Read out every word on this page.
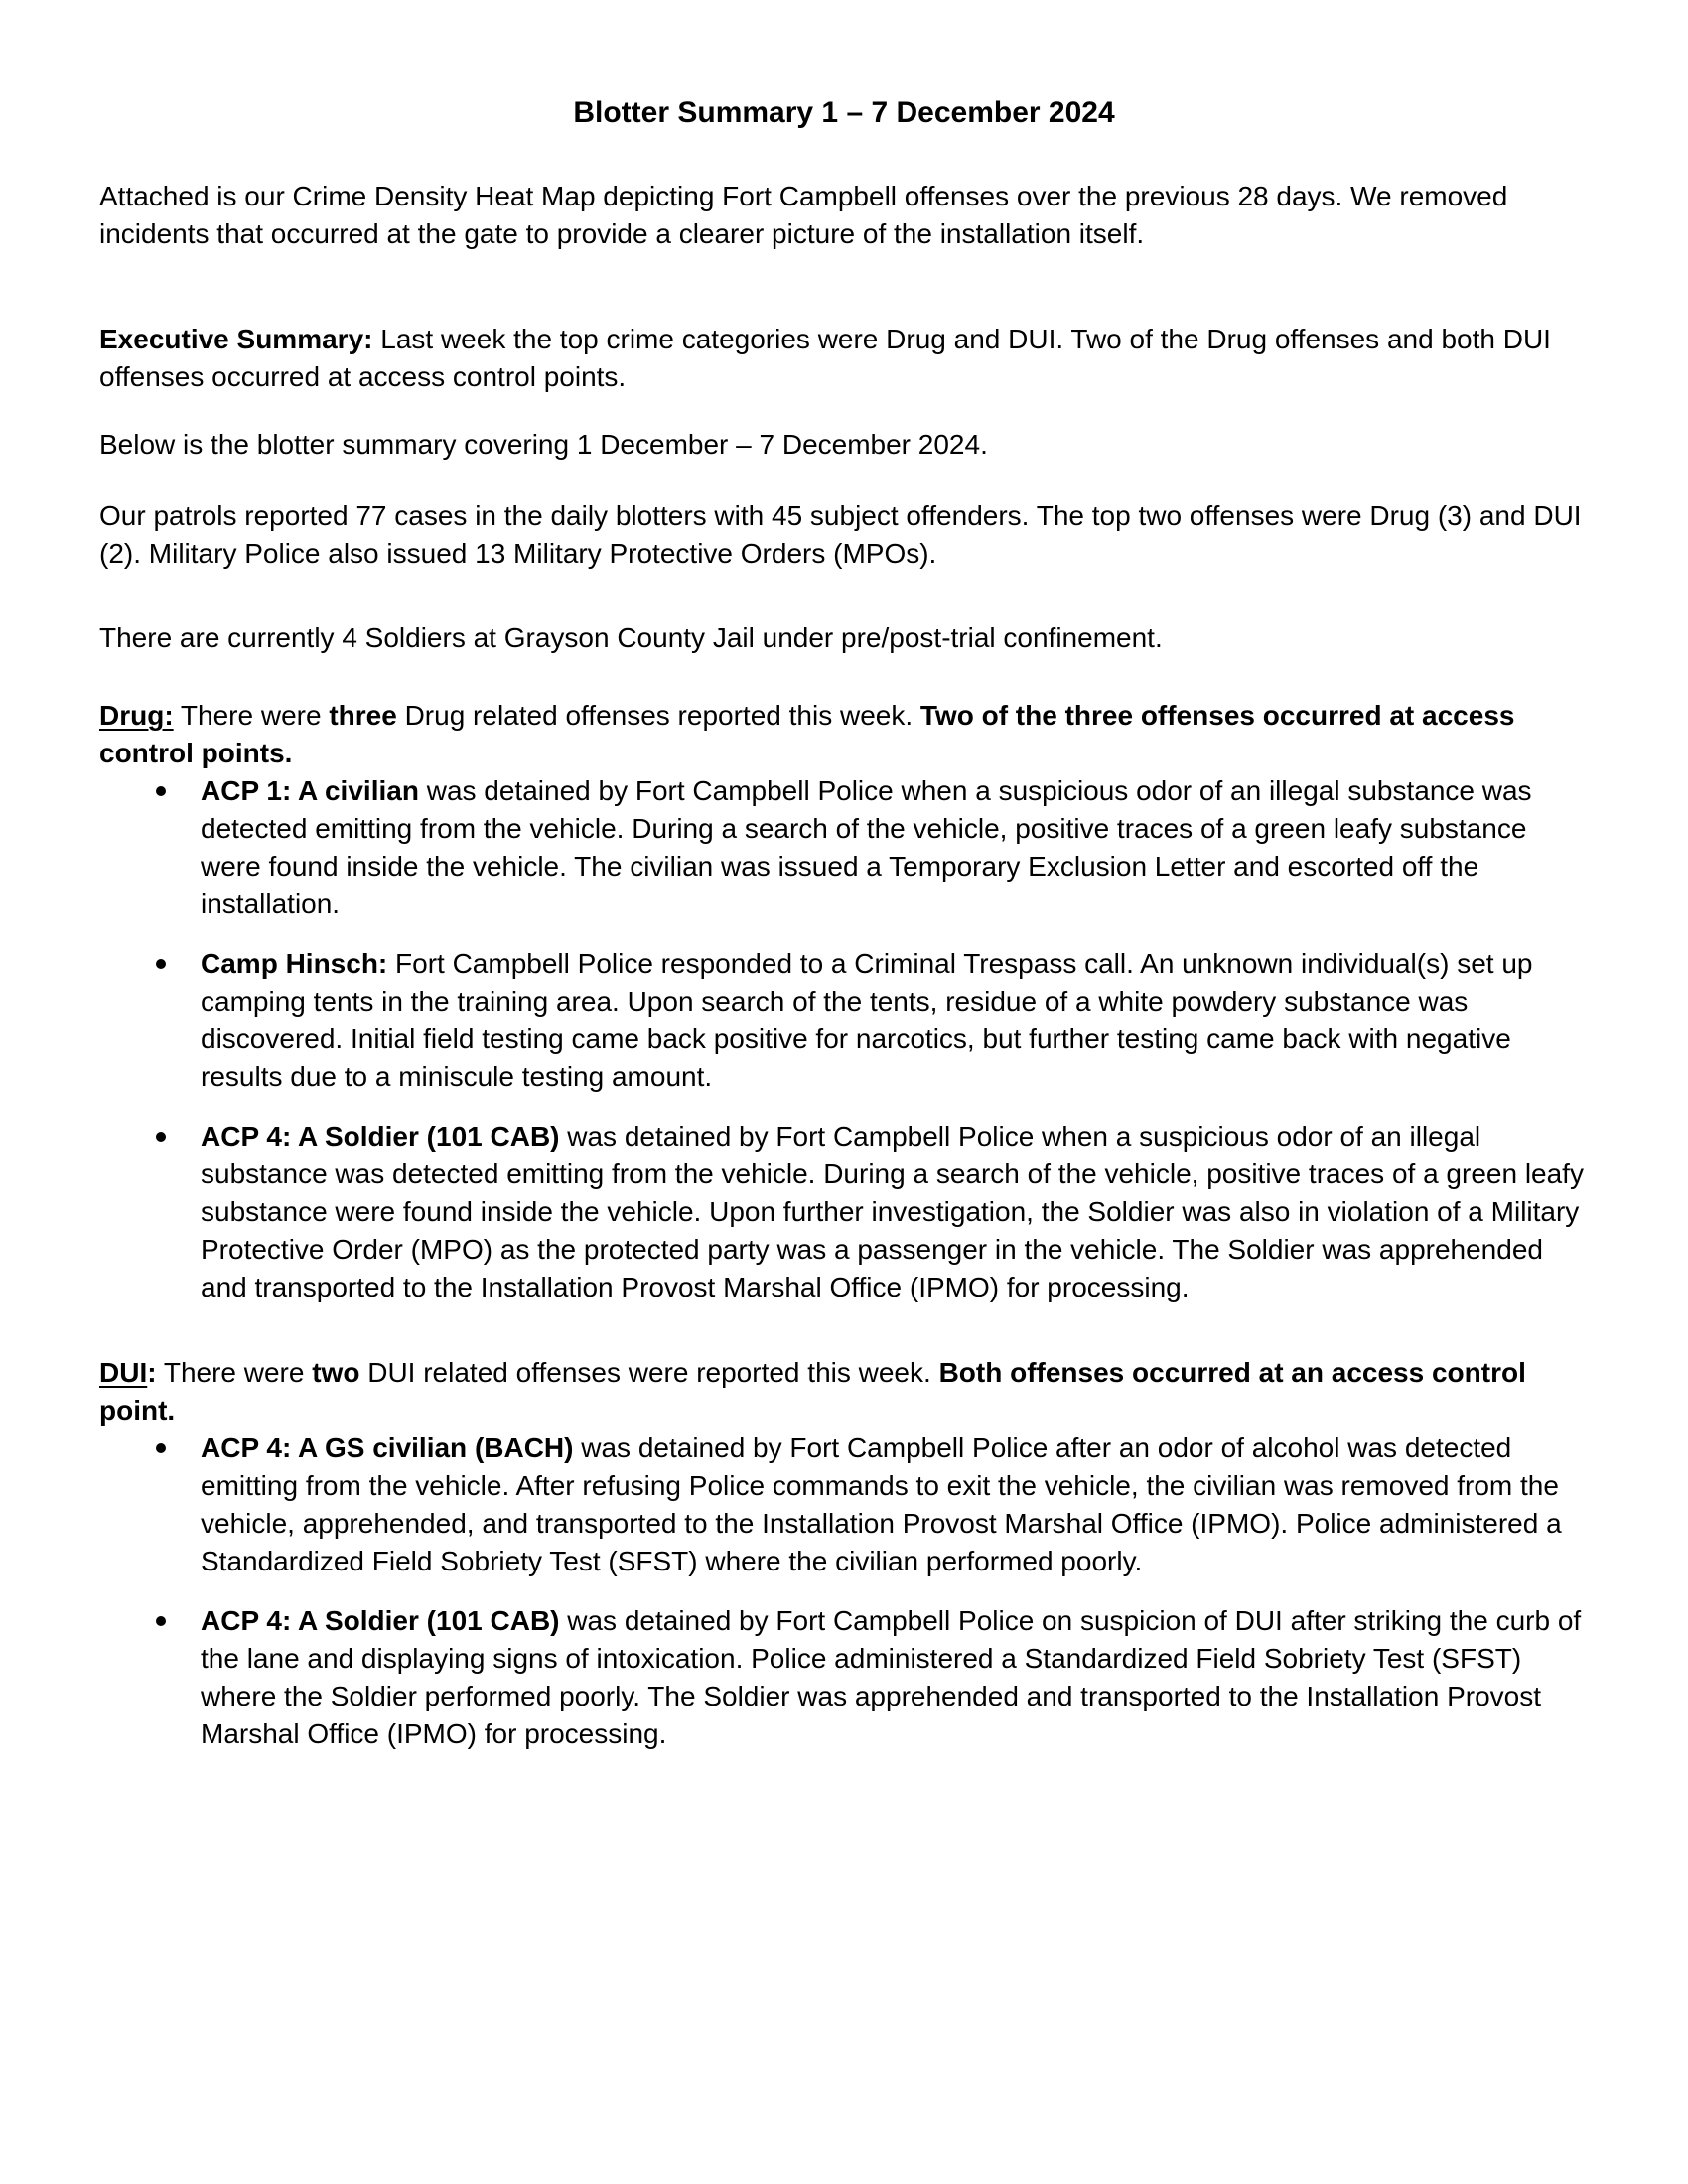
Blotter Summary 1 – 7 December 2024

Attached is our Crime Density Heat Map depicting Fort Campbell offenses over the previous 28 days. We removed incidents that occurred at the gate to provide a clearer picture of the installation itself.

Executive Summary: Last week the top crime categories were Drug and DUI. Two of the Drug offenses and both DUI offenses occurred at access control points.

Below is the blotter summary covering 1 December – 7 December 2024.

Our patrols reported 77 cases in the daily blotters with 45 subject offenders. The top two offenses were Drug (3) and DUI (2). Military Police also issued 13 Military Protective Orders (MPOs).

There are currently 4 Soldiers at Grayson County Jail under pre/post-trial confinement.

Drug: There were three Drug related offenses reported this week. Two of the three offenses occurred at access control points.

ACP 1: A civilian was detained by Fort Campbell Police when a suspicious odor of an illegal substance was detected emitting from the vehicle. During a search of the vehicle, positive traces of a green leafy substance were found inside the vehicle. The civilian was issued a Temporary Exclusion Letter and escorted off the installation.
Camp Hinsch: Fort Campbell Police responded to a Criminal Trespass call. An unknown individual(s) set up camping tents in the training area. Upon search of the tents, residue of a white powdery substance was discovered. Initial field testing came back positive for narcotics, but further testing came back with negative results due to a miniscule testing amount.
ACP 4: A Soldier (101 CAB) was detained by Fort Campbell Police when a suspicious odor of an illegal substance was detected emitting from the vehicle. During a search of the vehicle, positive traces of a green leafy substance were found inside the vehicle. Upon further investigation, the Soldier was also in violation of a Military Protective Order (MPO) as the protected party was a passenger in the vehicle. The Soldier was apprehended and transported to the Installation Provost Marshal Office (IPMO) for processing.

DUI: There were two DUI related offenses were reported this week. Both offenses occurred at an access control point.

ACP 4: A GS civilian (BACH) was detained by Fort Campbell Police after an odor of alcohol was detected emitting from the vehicle. After refusing Police commands to exit the vehicle, the civilian was removed from the vehicle, apprehended, and transported to the Installation Provost Marshal Office (IPMO). Police administered a Standardized Field Sobriety Test (SFST) where the civilian performed poorly.
ACP 4: A Soldier (101 CAB) was detained by Fort Campbell Police on suspicion of DUI after striking the curb of the lane and displaying signs of intoxication. Police administered a Standardized Field Sobriety Test (SFST) where the Soldier performed poorly. The Soldier was apprehended and transported to the Installation Provost Marshal Office (IPMO) for processing.
